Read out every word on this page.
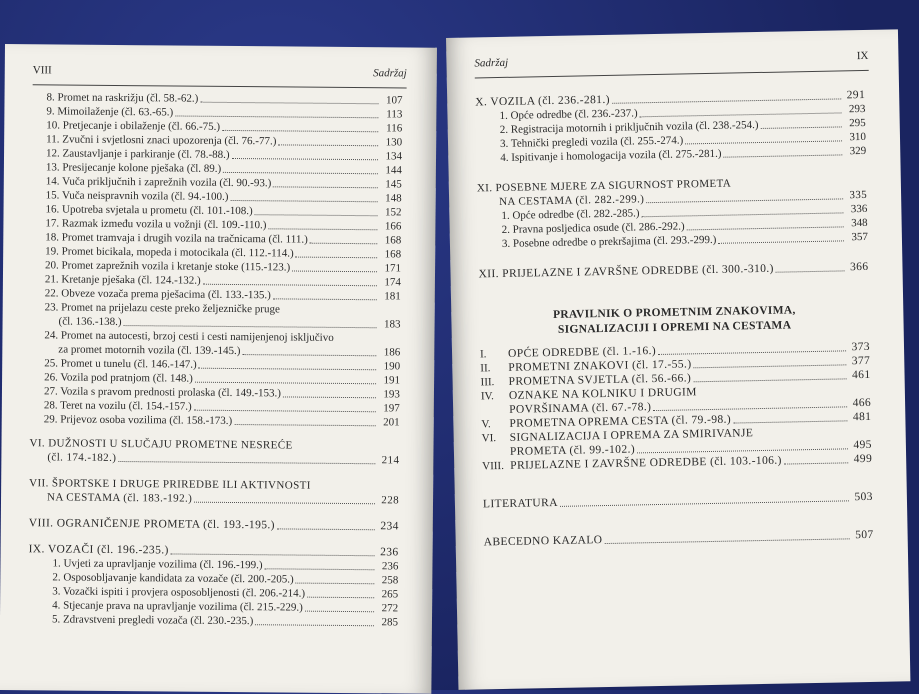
VIII	Sadržaj
8. Promet na raskrižju (čl. 58.-62.)	107
9. Mimoilaženje (čl. 63.-65.)	113
10. Pretjecanje i obilaženje (čl. 66.-75.)	116
11. Zvučni i svjetlosni znaci upozorenja (čl. 76.-77.)	130
12. Zaustavljanje i parkiranje (čl. 78.-88.)	134
13. Presijecanje kolone pješaka (čl. 89.)	144
14. Vuča priključnih i zaprežnih vozila (čl. 90.-93.)	145
15. Vuča neispravnih vozila (čl. 94.-100.)	148
16. Upotreba svjetala u prometu (čl. 101.-108.)	152
17. Razmak između vozila u vožnji (čl. 109.-110.)	166
18. Promet tramvaja i drugih vozila na tračnicama (čl. 111.)	168
19. Promet bicikala, mopeda i motocikala (čl. 112.-114.)	168
20. Promet zaprežnih vozila i kretanje stoke (115.-123.)	171
21. Kretanje pješaka (čl. 124.-132.)	174
22. Obveze vozača prema pješacima (čl. 133.-135.)	181
23. Promet na prijelazu ceste preko željezničke pruge
(čl. 136.-138.)	183
24. Promet na autocesti, brzoj cesti i cesti namijenjenoj isključivo
za promet motornih vozila (čl. 139.-145.)	186
25. Promet u tunelu (čl. 146.-147.)	190
26. Vozila pod pratnjom (čl. 148.)	191
27. Vozila s pravom prednosti prolaska (čl. 149.-153.)	193
28. Teret na vozilu (čl. 154.-157.)	197
29. Prijevoz osoba vozilima (čl. 158.-173.)	201
VI. DUŽNOSTI U SLUČAJU PROMETNE NESREĆE
(čl. 174.-182.)	214
VII. ŠPORTSKE I DRUGE PRIREDBE ILI AKTIVNOSTI
NA CESTAMA (čl. 183.-192.)	228
VIII. OGRANIČENJE PROMETA (čl. 193.-195.)	234
IX. VOZAČI (čl. 196.-235.)	236
1. Uvjeti za upravljanje vozilima (čl. 196.-199.)	236
2. Osposobljavanje kandidata za vozače (čl. 200.-205.)	258
3. Vozački ispiti i provjera osposobljenosti (čl. 206.-214.)	265
4. Stjecanje prava na upravljanje vozilima (čl. 215.-229.)	272
5. Zdravstveni pregledi vozača (čl. 230.-235.)	285
Sadržaj
IX
X. VOZILA (čl. 236.-281.)	291
1. Opće odredbe (čl. 236.-237.)	293
2. Registracija motornih i priključnih vozila (čl. 238.-254.)	295
3. Tehnički pregledi vozila (čl. 255.-274.)	310
4. Ispitivanje i homologacija vozila (čl. 275.-281.)	329
XI. POSEBNE MJERE ZA SIGURNOST PROMETA
NA CESTAMA (čl. 282.-299.)	335
1. Opće odredbe (čl. 282.-285.)	336
2. Pravna posljedica osude (čl. 286.-292.)	348
3. Posebne odredbe o prekršajima (čl. 293.-299.)	357
XII. PRIJELAZNE I ZAVRŠNE ODREDBE (čl. 300.-310.)	366
PRAVILNIK O PROMETNIM ZNAKOVIMA,
SIGNALIZACIJI I OPREMI NA CESTAMA
I.	OPĆE ODREDBE (čl. 1.-16.)	373
II.	PROMETNI ZNAKOVI (čl. 17.-55.)	377
III.	PROMETNA SVJETLA (čl. 56.-66.)	461
IV.	OZNAKE NA KOLNIKU I DRUGIM
POVRŠINAMA (čl. 67.-78.)	466
V.	PROMETNA OPREMA CESTA (čl. 79.-98.)	481
VI.	SIGNALIZACIJA I OPREMA ZA SMIRIVANJE
PROMETA (čl. 99.-102.)	495
VIII. PRIJELAZNE I ZAVRŠNE ODREDBE (čl. 103.-106.)	499
LITERATURA	503
ABECEDNO KAZALO	507
